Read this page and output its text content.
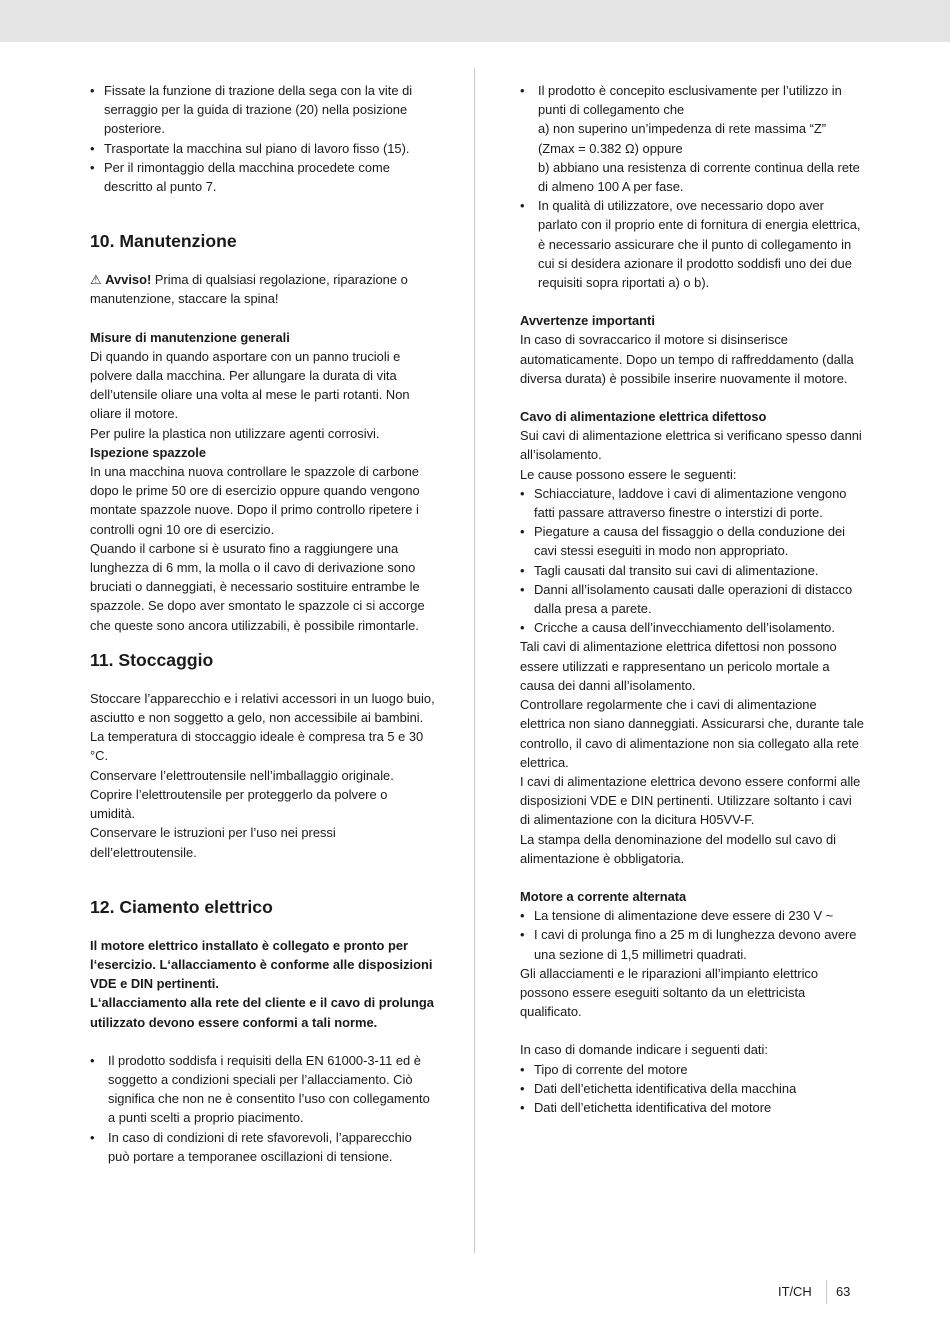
• Fissate la funzione di trazione della sega con la vite di serraggio per la guida di trazione (20) nella posizione posteriore.
• Trasportate la macchina sul piano di lavoro fisso (15).
• Per il rimontaggio della macchina procedete come descritto al punto 7.
10. Manutenzione

⚠ Avviso! Prima di qualsiasi regolazione, riparazione o manutenzione, staccare la spina!

Misure di manutenzione generali

Di quando in quando asportare con un panno trucioli e polvere dalla macchina. Per allungare la durata di vita dell’utensile oliare una volta al mese le parti rotanti. Non oliare il motore.

Per pulire la plastica non utilizzare agenti corrosivi.

Ispezione spazzole

In una macchina nuova controllare le spazzole di carbone dopo le prime 50 ore di esercizio oppure quando vengono montate spazzole nuove. Dopo il primo controllo ripetere i controlli ogni 10 ore di esercizio.

Quando il carbone si è usurato fino a raggiungere una lunghezza di 6 mm, la molla o il cavo di derivazione sono bruciati o danneggiati, è necessario sostituire entrambe le spazzole. Se dopo aver smontato le spazzole ci si accorge che queste sono ancora utilizzabili, è possibile rimontarle.

11. Stoccaggio

Stoccare l’apparecchio e i relativi accessori in un luogo buio, asciutto e non soggetto a gelo, non accessibile ai bambini. La temperatura di stoccaggio ideale è compresa tra 5 e 30 °C.

Conservare l’elettroutensile nell’imballaggio originale.

Coprire l’elettroutensile per proteggerlo da polvere o umidità.

Conservare le istruzioni per l’uso nei pressi dell’elettroutensile.

12. Ciamento elettrico

Il motore elettrico installato è collegato e pronto per l‘esercizio. L‘allacciamento è conforme alle disposizioni VDE e DIN pertinenti.

L‘allacciamento alla rete del cliente e il cavo di prolunga utilizzato devono essere conformi a tali norme.

• Il prodotto soddisfa i requisiti della EN 61000-3-11 ed è soggetto a condizioni speciali per l’allacciamento. Ciò significa che non ne è consentito l’uso con collegamento a punti scelti a proprio piacimento.
• In caso di condizioni di rete sfavorevoli, l’apparecchio può portare a temporanee oscillazioni di tensione.
• Il prodotto è concepito esclusivamente per l’utilizzo in punti di collegamento che
a) non superino un’impedenza di rete massima “Z” (Zmax = 0.382 Ω) oppure
b) abbiano una resistenza di corrente continua della rete di almeno 100 A per fase.
• In qualità di utilizzatore, ove necessario dopo aver parlato con il proprio ente di fornitura di energia elettrica, è necessario assicurare che il punto di collegamento in cui si desidera azionare il prodotto soddisfi uno dei due requisiti sopra riportati a) o b).

Avvertenze importanti

In caso di sovraccarico il motore si disinserisce automaticamente. Dopo un tempo di raffreddamento (dalla diversa durata) è possibile inserire nuovamente il motore.

Cavo di alimentazione elettrica difettoso

Sui cavi di alimentazione elettrica si verificano spesso danni all’isolamento.

Le cause possono essere le seguenti:

• Schiacciature, laddove i cavi di alimentazione vengono fatti passare attraverso finestre o interstizi di porte.
• Piegature a causa del fissaggio o della conduzione dei cavi stessi eseguiti in modo non appropriato.
• Tagli causati dal transito sui cavi di alimentazione.
• Danni all’isolamento causati dalle operazioni di distacco dalla presa a parete.
• Cricche a causa dell’invecchiamento dell’isolamento.

Tali cavi di alimentazione elettrica difettosi non possono essere utilizzati e rappresentano un pericolo mortale a causa dei danni all’isolamento.

Controllare regolarmente che i cavi di alimentazione elettrica non siano danneggiati. Assicurarsi che, durante tale controllo, il cavo di alimentazione non sia collegato alla rete elettrica.

I cavi di alimentazione elettrica devono essere conformi alle disposizioni VDE e DIN pertinenti. Utilizzare soltanto i cavi di alimentazione con la dicitura H05VV-F.

La stampa della denominazione del modello sul cavo di alimentazione è obbligatoria.

Motore a corrente alternata

• La tensione di alimentazione deve essere di 230 V ~
• I cavi di prolunga fino a 25 m di lunghezza devono avere una sezione di 1,5 millimetri quadrati.

Gli allacciamenti e le riparazioni all’impianto elettrico possono essere eseguiti soltanto da un elettricista qualificato.

In caso di domande indicare i seguenti dati:

• Tipo di corrente del motore
• Dati dell’etichetta identificativa della macchina
• Dati dell’etichetta identificativa del motore
IT/CH 63
